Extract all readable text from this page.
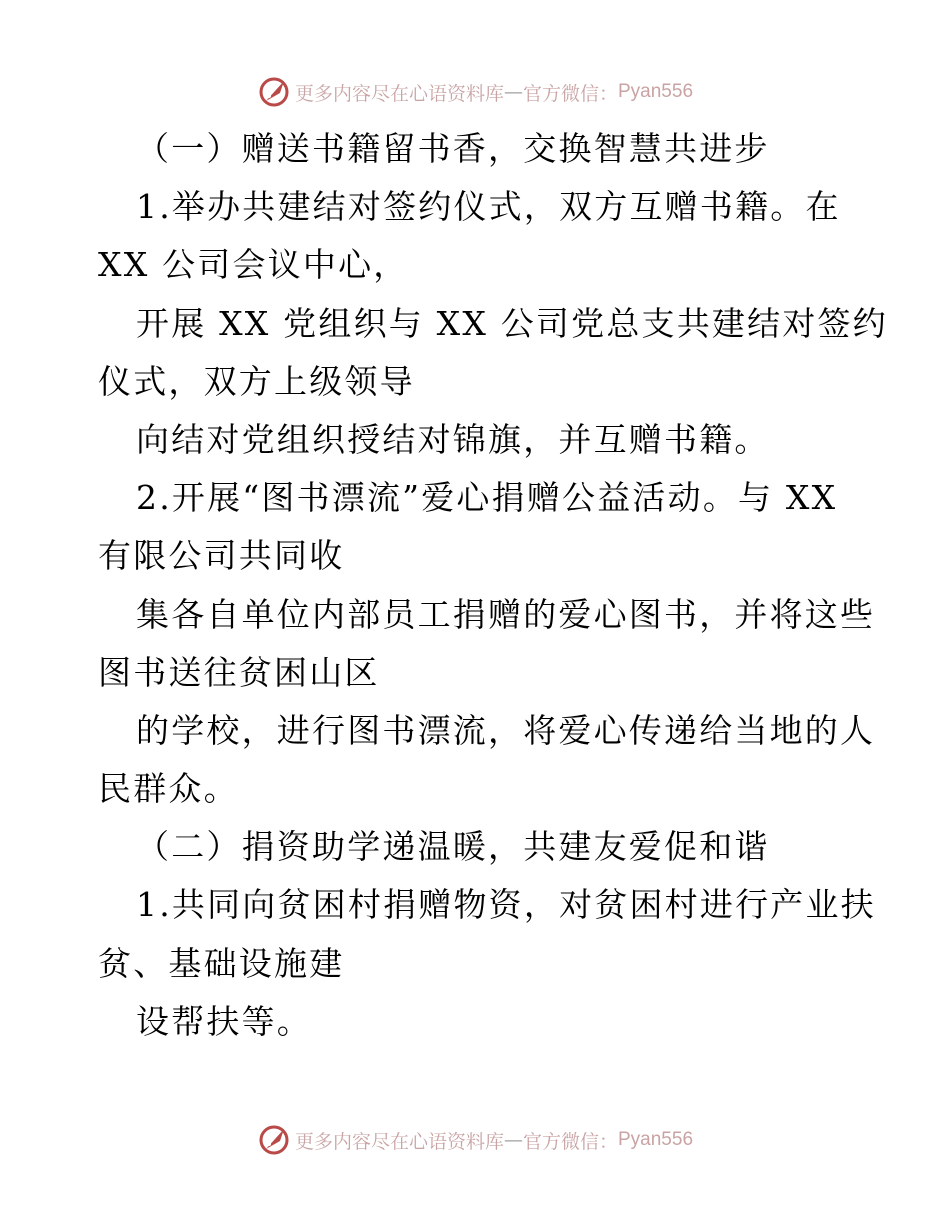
更多内容尽在心语资料库 — 官方微信： Pyan556
（一）赠送书籍留书香，交换智慧共进步
1.举办共建结对签约仪式，双方互赠书籍。在
XX 公司会议中心，
开展 XX 党组织与 XX 公司党总支共建结对签约
仪式，双方上级领导
向结对党组织授结对锦旗，并互赠书籍。
2.开展“图书漂流”爱心捐赠公益活动。与 XX
有限公司共同收
集各自单位内部员工捐赠的爱心图书，并将这些
图书送往贫困山区
的学校，进行图书漂流，将爱心传递给当地的人
民群众。
（二）捐资助学递温暖，共建友爱促和谐
1.共同向贫困村捐赠物资，对贫困村进行产业扶
贫、基础设施建
设帮扶等。
更多内容尽在心语资料库 — 官方微信： Pyan556
